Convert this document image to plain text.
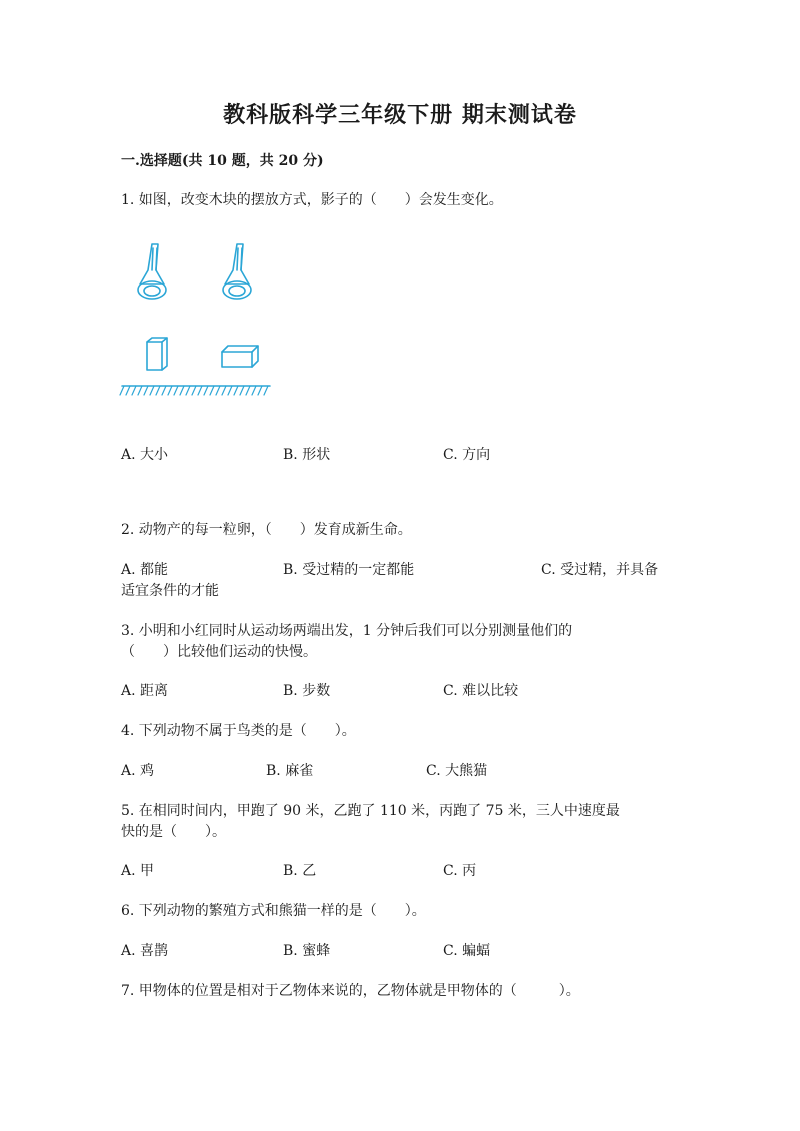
教科版科学三年级下册 期末测试卷
一.选择题(共 10 题，共 20 分)
1. 如图，改变木块的摆放方式，影子的（　　）会发生变化。
A. 大小	B. 形状	C. 方向
2. 动物产的每一粒卵，（　　）发育成新生命。
A. 都能	B. 受过精的一定都能	C. 受过精，并具备
适宜条件的才能
3. 小明和小红同时从运动场两端出发，1 分钟后我们可以分别测量他们的
（　　）比较他们运动的快慢。
A. 距离	B. 步数	C. 难以比较
4. 下列动物不属于鸟类的是（　　）。
A. 鸡	B. 麻雀	C. 大熊猫
5. 在相同时间内，甲跑了 90 米，乙跑了 110 米，丙跑了 75 米，三人中速度最
快的是（　　）。
A. 甲	B. 乙	C. 丙
6. 下列动物的繁殖方式和熊猫一样的是（　　）。
A. 喜鹊	B. 蜜蜂	C. 蝙蝠
7. 甲物体的位置是相对于乙物体来说的，乙物体就是甲物体的（　　　）。
